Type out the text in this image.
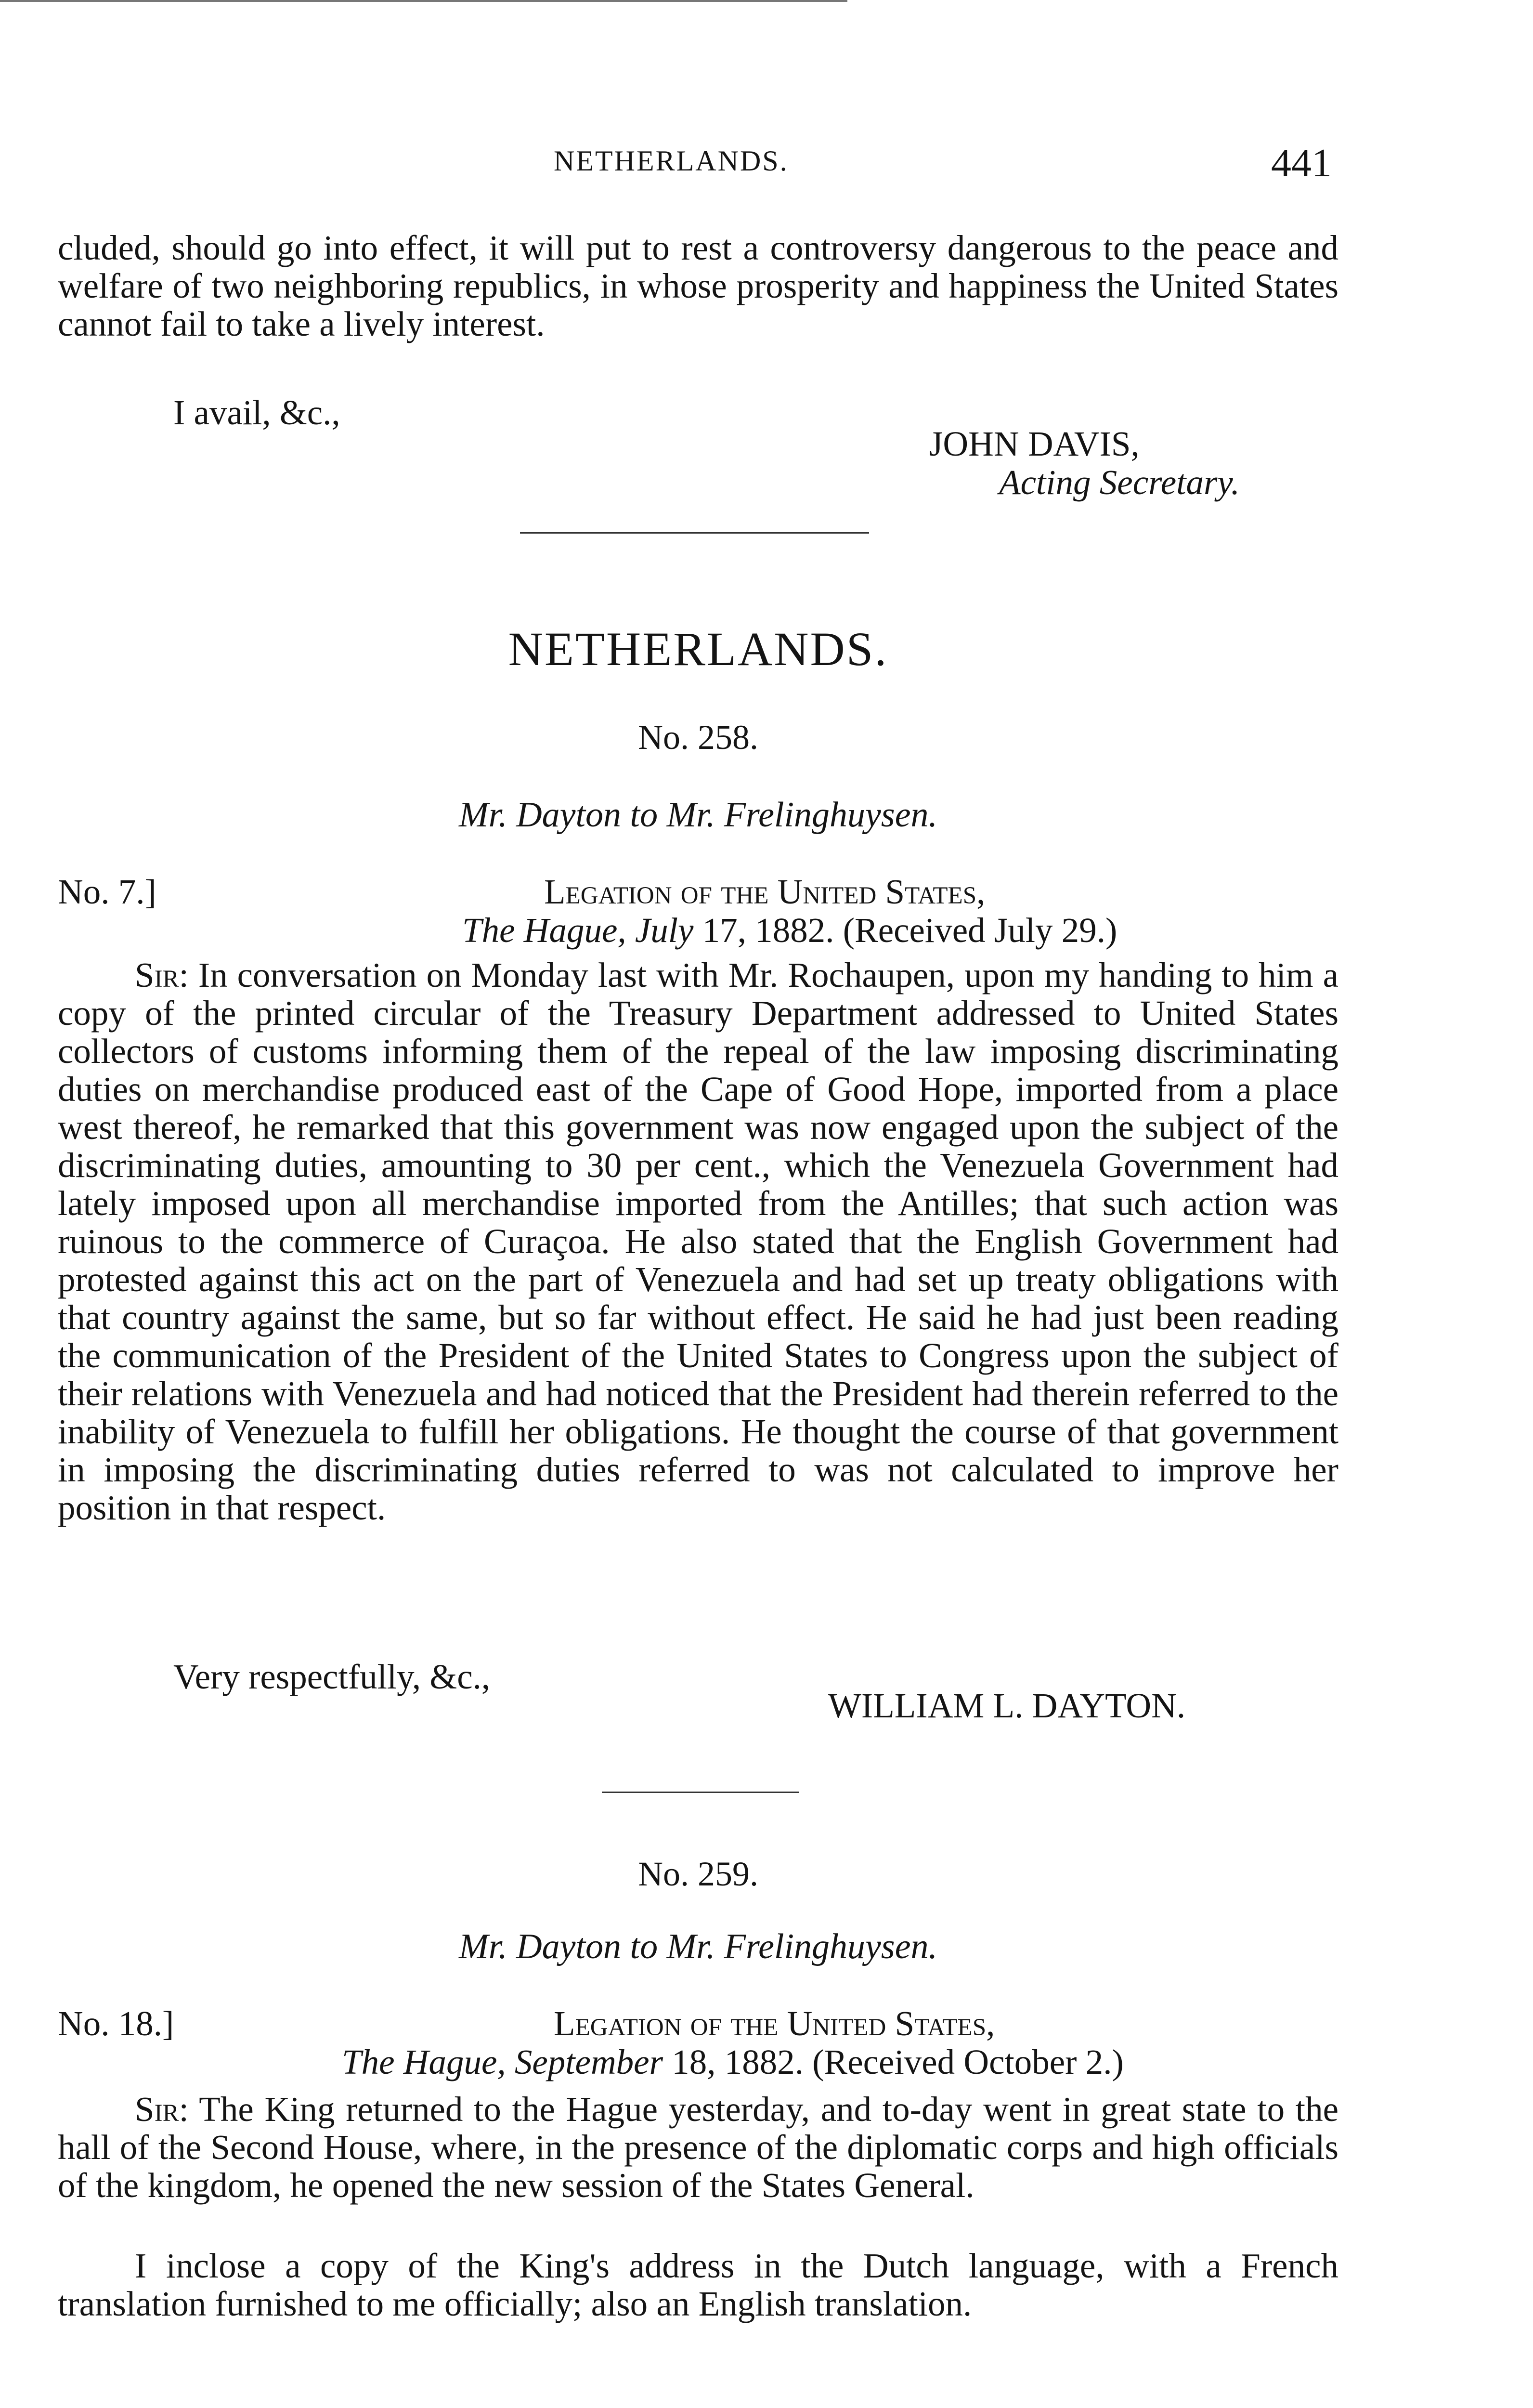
NETHERLANDS.	441

cluded, should go into effect, it will put to rest a controversy dangerous to the peace and welfare of two neighboring republics, in whose prosperity and happiness the United States cannot fail to take a lively interest.

I avail, &c.,
JOHN DAVIS,
Acting Secretary.
NETHERLANDS.
No. 258.
Mr. Dayton to Mr. Frelinghuysen.
No. 7.]	Legation of the United States,
The Hague, July 17, 1882. (Received July 29.)

Sir: In conversation on Monday last with Mr. Rochaupen, upon my handing to him a copy of the printed circular of the Treasury Department addressed to United States collectors of customs informing them of the repeal of the law imposing discriminating duties on merchandise produced east of the Cape of Good Hope, imported from a place west thereof, he remarked that this government was now engaged upon the subject of the discriminating duties, amounting to 30 per cent., which the Venezuela Government had lately imposed upon all merchandise imported from the Antilles; that such action was ruinous to the commerce of Curaçoa. He also stated that the English Government had protested against this act on the part of Venezuela and had set up treaty obligations with that country against the same, but so far without effect. He said he had just been reading the communication of the President of the United States to Congress upon the subject of their relations with Venezuela and had noticed that the President had therein referred to the inability of Venezuela to fulfill her obligations. He thought the course of that government in imposing the discriminating duties referred to was not calculated to improve her position in that respect.

Very respectfully, &c.,
WILLIAM L. DAYTON.
No. 259.
Mr. Dayton to Mr. Frelinghuysen.
No. 18.]	Legation of the United States,
The Hague, September 18, 1882. (Received October 2.)

Sir: The King returned to the Hague yesterday, and to-day went in great state to the hall of the Second House, where, in the presence of the diplomatic corps and high officials of the kingdom, he opened the new session of the States General.

I inclose a copy of the King's address in the Dutch language, with a French translation furnished to me officially; also an English translation.
